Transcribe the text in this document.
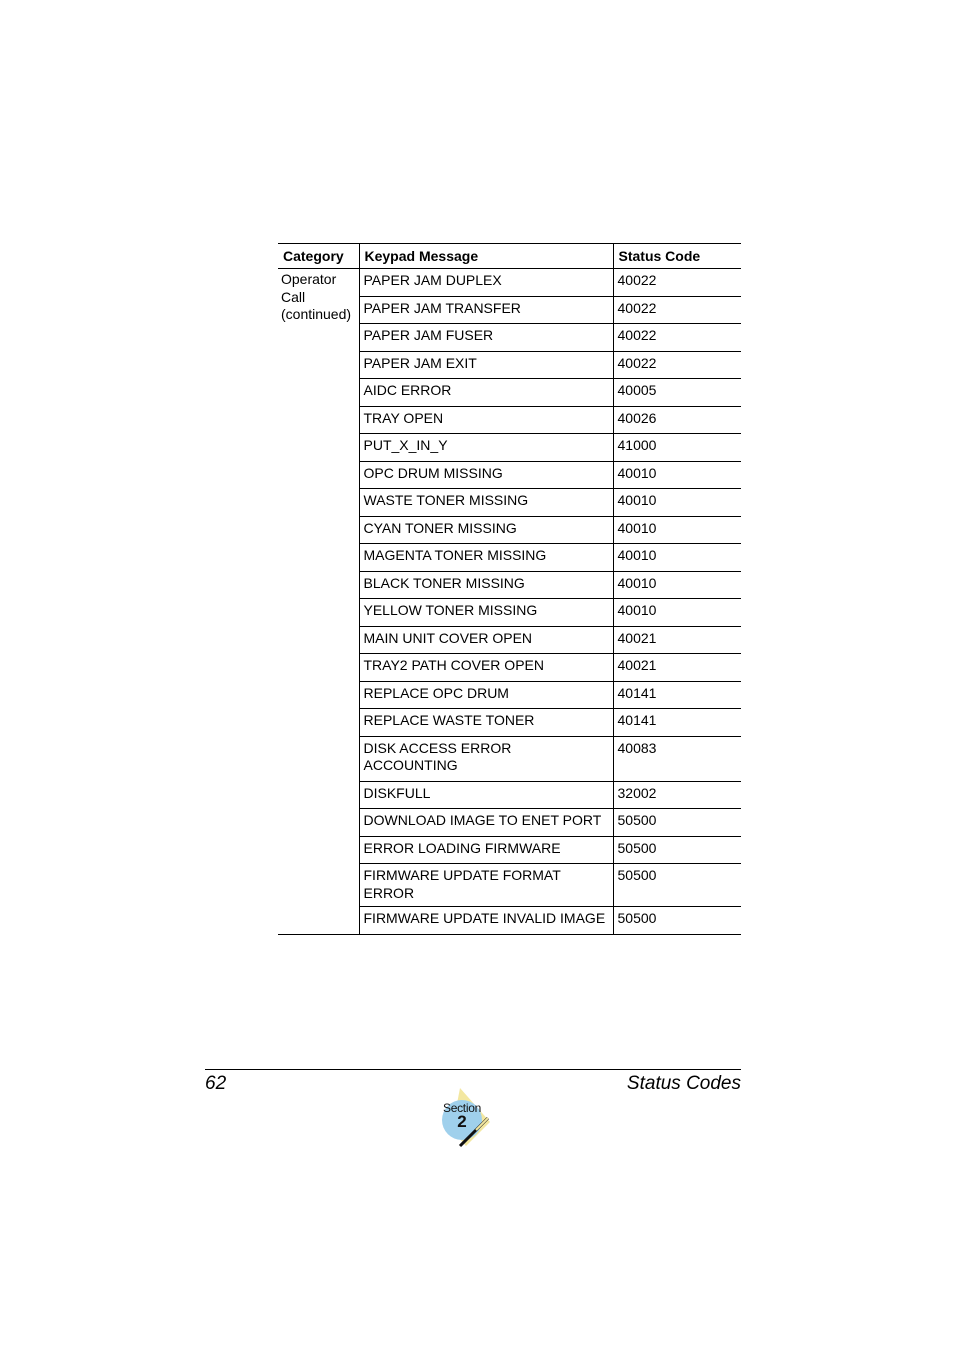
Category	Keypad Message	Status Code
Operator Call (continued)	PAPER JAM DUPLEX	40022
	PAPER JAM TRANSFER	40022
	PAPER JAM FUSER	40022
	PAPER JAM EXIT	40022
	AIDC ERROR	40005
	TRAY OPEN	40026
	PUT_X_IN_Y	41000
	OPC DRUM MISSING	40010
	WASTE TONER MISSING	40010
	CYAN TONER MISSING	40010
	MAGENTA TONER MISSING	40010
	BLACK TONER MISSING	40010
	YELLOW TONER MISSING	40010
	MAIN UNIT COVER OPEN	40021
	TRAY2 PATH COVER OPEN	40021
	REPLACE OPC DRUM	40141
	REPLACE WASTE TONER	40141
	DISK ACCESS ERROR ACCOUNTING	40083
	DISKFULL	32002
	DOWNLOAD IMAGE TO ENET PORT	50500
	ERROR LOADING FIRMWARE	50500
	FIRMWARE UPDATE FORMAT ERROR	50500
	FIRMWARE UPDATE INVALID IMAGE	50500
62	Status Codes
Section
2
